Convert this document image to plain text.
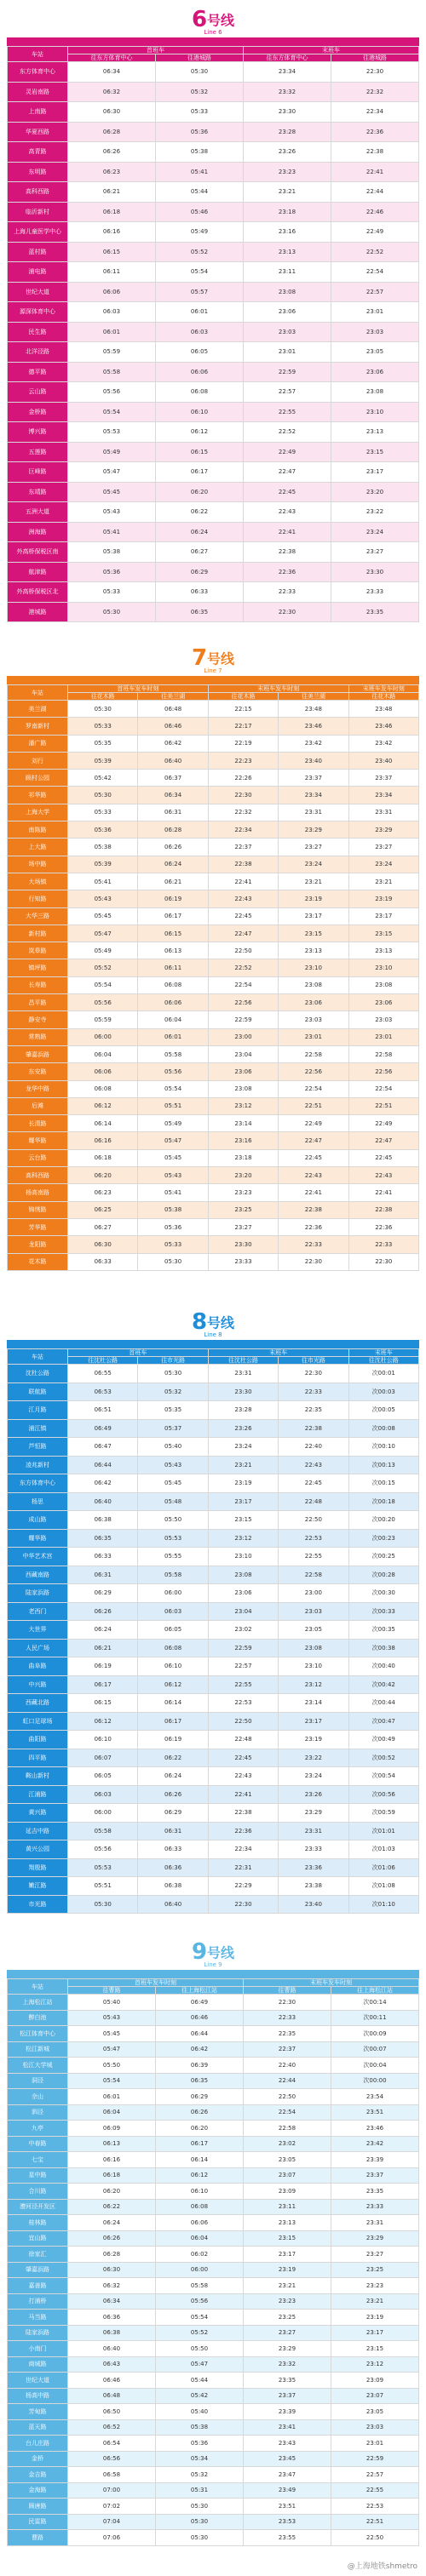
6号线
Line 6
车站	首班车		末班车	
	往东方体育中心	往港城路	往东方体育中心	往港城路
东方体育中心	06:34	05:30	23:34	22:30
灵岩南路	06:32	05:32	23:32	22:32
上南路	06:30	05:33	23:30	22:34
华夏西路	06:28	05:36	23:28	22:36
高青路	06:26	05:38	23:26	22:38
东明路	06:23	05:41	23:23	22:41
高科西路	06:21	05:44	23:21	22:44
临沂新村	06:18	05:46	23:18	22:46
上海儿童医学中心	06:16	05:49	23:16	22:49
蓝村路	06:15	05:52	23:13	22:52
浦电路	06:11	05:54	23:11	22:54
世纪大道	06:06	05:57	23:08	22:57
源深体育中心	06:03	06:01	23:06	23:01
民生路	06:01	06:03	23:03	23:03
北洋泾路	05:59	06:05	23:01	23:05
德平路	05:58	06:06	22:59	23:06
云山路	05:56	06:08	22:57	23:08
金桥路	05:54	06:10	22:55	23:10
博兴路	05:53	06:12	22:52	23:13
五莲路	05:49	06:15	22:49	23:15
巨峰路	05:47	06:17	22:47	23:17
东靖路	05:45	06:20	22:45	23:20
五洲大道	05:43	06:22	22:43	23:22
洲海路	05:41	06:24	22:41	23:24
外高桥保税区南	05:38	06:27	22:38	23:27
航津路	05:36	06:29	22:36	23:30
外高桥保税区北	05:33	06:33	22:33	23:33
港城路	05:30	06:35	22:30	23:35
7号线
Line 7
车站	首班车发车时刻		末班车发车时刻		末班车发车时刻
	往花木路	往美兰湖	往花木路	往美兰湖	往花木路
美兰湖	05:30	06:48	22:15	23:48	23:48
罗南新村	05:33	06:46	22:17	23:46	23:46
潘广路	05:35	06:42	22:19	23:42	23:42
刘行	05:39	06:40	22:23	23:40	23:40
顾村公园	05:42	06:37	22:26	23:37	23:37
祁华路	05:30	06:34	22:30	23:34	23:34
上海大学	05:33	06:31	22:32	23:31	23:31
南陈路	05:36	06:28	22:34	23:29	23:29
上大路	05:38	06:26	22:37	23:27	23:27
场中路	05:39	06:24	22:38	23:24	23:24
大场镇	05:41	06:21	22:41	23:21	23:21
行知路	05:43	06:19	22:43	23:19	23:19
大华三路	05:45	06:17	22:45	23:17	23:17
新村路	05:47	06:15	22:47	23:15	23:15
岚皋路	05:49	06:13	22:50	23:13	23:13
镇坪路	05:52	06:11	22:52	23:10	23:10
长寿路	05:54	06:08	22:54	23:08	23:08
昌平路	05:56	06:06	22:56	23:06	23:06
静安寺	05:59	06:04	22:59	23:03	23:03
常熟路	06:00	06:01	23:00	23:01	23:01
肇嘉浜路	06:04	05:58	23:04	22:58	22:58
东安路	06:06	05:56	23:06	22:56	22:56
龙华中路	06:08	05:54	23:08	22:54	22:54
后滩	06:12	05:51	23:12	22:51	22:51
长清路	06:14	05:49	23:14	22:49	22:49
耀华路	06:16	05:47	23:16	22:47	22:47
云台路	06:18	05:45	23:18	22:45	22:45
高科西路	06:20	05:43	23:20	22:43	22:43
杨高南路	06:23	05:41	23:23	22:41	22:41
锦绣路	06:25	05:38	23:25	22:38	22:38
芳华路	06:27	05:36	23:27	22:36	22:36
龙阳路	06:30	05:33	23:30	22:33	22:33
花木路	06:33	05:30	23:33	22:30	22:30
8号线
Line 8
车站	首班车		末班车		末班车
	往沈杜公路	往市光路	往沈杜公路	往市光路	往沈杜公路
沈杜公路	06:55	05:30	23:31	22:30	次00:01
联航路	06:53	05:32	23:30	22:33	次00:03
江月路	06:51	05:35	23:28	22:35	次00:05
浦江镇	06:49	05:37	23:26	22:38	次00:08
芦恒路	06:47	05:40	23:24	22:40	次00:10
凌兆新村	06:44	05:43	23:21	22:43	次00:13
东方体育中心	06:42	05:45	23:19	22:45	次00:15
杨思	06:40	05:48	23:17	22:48	次00:18
成山路	06:38	05:50	23:15	22:50	次00:20
耀华路	06:35	05:53	23:12	22:53	次00:23
中华艺术宫	06:33	05:55	23:10	22:55	次00:25
西藏南路	06:31	05:58	23:08	22:58	次00:28
陆家浜路	06:29	06:00	23:06	23:00	次00:30
老西门	06:26	06:03	23:04	23:03	次00:33
大世界	06:24	06:05	23:02	23:05	次00:35
人民广场	06:21	06:08	22:59	23:08	次00:38
曲阜路	06:19	06:10	22:57	23:10	次00:40
中兴路	06:17	06:12	22:55	23:12	次00:42
西藏北路	06:15	06:14	22:53	23:14	次00:44
虹口足球场	06:12	06:17	22:50	23:17	次00:47
曲阳路	06:10	06:19	22:48	23:19	次00:49
四平路	06:07	06:22	22:45	23:22	次00:52
鞍山新村	06:05	06:24	22:43	23:24	次00:54
江浦路	06:03	06:26	22:41	23:26	次00:56
黄兴路	06:00	06:29	22:38	23:29	次00:59
延吉中路	05:58	06:31	22:36	23:31	次01:01
黄兴公园	05:56	06:33	22:34	23:33	次01:03
翔殷路	05:53	06:36	22:31	23:36	次01:06
嫩江路	05:51	06:38	22:29	23:38	次01:08
市光路	05:30	06:40	22:30	23:40	次01:10
9号线
Line 9
车站	首班车发车时刻		末班车发车时刻	
	往曹路	往上海松江站	往曹路	往上海松江站
上海松江站	05:40	06:49	22:30	次00:14
醉白池	05:43	06:46	22:33	次00:11
松江体育中心	05:45	06:44	22:35	次00:09
松江新城	05:47	06:42	22:37	次00:07
松江大学城	05:50	06:39	22:40	次00:04
洞泾	05:54	06:35	22:44	次00:00
佘山	06:01	06:29	22:50	23:54
泗泾	06:04	06:26	22:54	23:51
九亭	06:09	06:20	22:58	23:46
中春路	06:13	06:17	23:02	23:42
七宝	06:16	06:14	23:05	23:39
星中路	06:18	06:12	23:07	23:37
合川路	06:20	06:10	23:09	23:35
漕河泾开发区	06:22	06:08	23:11	23:33
桂林路	06:24	06:06	23:13	23:31
宜山路	06:26	06:04	23:15	23:29
徐家汇	06:28	06:02	23:17	23:27
肇嘉浜路	06:30	06:00	23:19	23:25
嘉善路	06:32	05:58	23:21	23:23
打浦桥	06:34	05:56	23:23	23:21
马当路	06:36	05:54	23:25	23:19
陆家浜路	06:38	05:52	23:27	23:17
小南门	06:40	05:50	23:29	23:15
商城路	06:43	05:47	23:32	23:12
世纪大道	06:46	05:44	23:35	23:09
杨高中路	06:48	05:42	23:37	23:07
芳甸路	06:50	05:40	23:39	23:05
蓝天路	06:52	05:38	23:41	23:03
台儿庄路	06:54	05:36	23:43	23:01
金桥	06:56	05:34	23:45	22:59
金吉路	06:58	05:32	23:47	22:57
金海路	07:00	05:31	23:49	22:55
顾唐路	07:02	05:30	23:51	22:53
民雷路	07:04	05:30	23:53	22:51
曹路	07:06	05:30	23:55	22:50
@上海地铁shmetro
